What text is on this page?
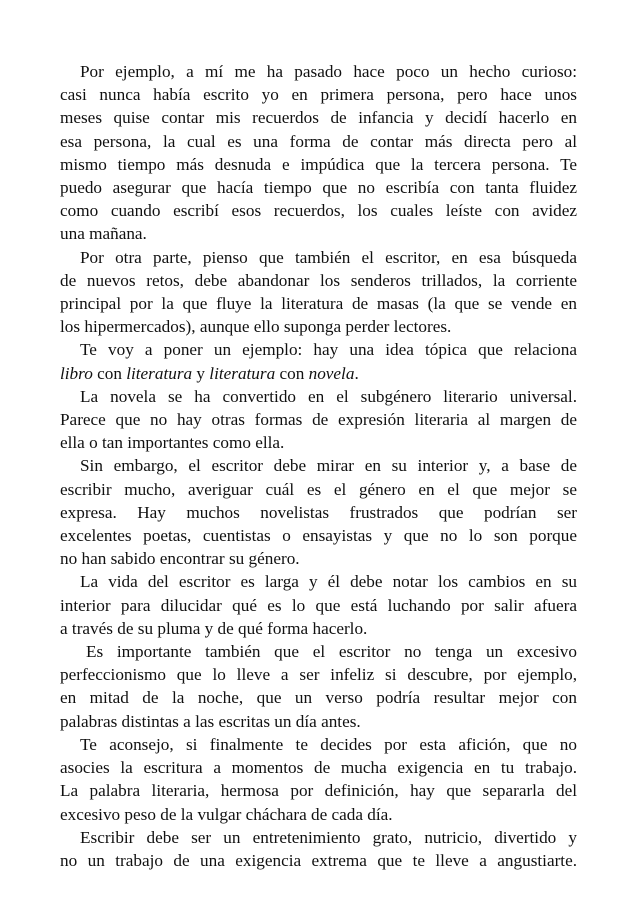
Por ejemplo, a mí me ha pasado hace poco un hecho curioso:
casi nunca había escrito yo en primera persona, pero hace unos
meses quise contar mis recuerdos de infancia y decidí hacerlo en
esa persona, la cual es una forma de contar más directa pero al
mismo tiempo más desnuda e impúdica que la tercera persona. Te
puedo asegurar que hacía tiempo que no escribía con tanta fluidez
como cuando escribí esos recuerdos, los cuales leíste con avidez
una mañana.
Por otra parte, pienso que también el escritor, en esa búsqueda
de nuevos retos, debe abandonar los senderos trillados, la corriente
principal por la que fluye la literatura de masas (la que se vende en
los hipermercados), aunque ello suponga perder lectores.
Te voy a poner un ejemplo: hay una idea tópica que relaciona
libro con literatura y literatura con novela.
La novela se ha convertido en el subgénero literario universal.
Parece que no hay otras formas de expresión literaria al margen de
ella o tan importantes como ella.
Sin embargo, el escritor debe mirar en su interior y, a base de
escribir mucho, averiguar cuál es el género en el que mejor se
expresa. Hay muchos novelistas frustrados que podrían ser
excelentes poetas, cuentistas o ensayistas y que no lo son porque
no han sabido encontrar su género.
La vida del escritor es larga y él debe notar los cambios en su
interior para dilucidar qué es lo que está luchando por salir afuera
a través de su pluma y de qué forma hacerlo.
Es importante también que el escritor no tenga un excesivo
perfeccionismo que lo lleve a ser infeliz si descubre, por ejemplo,
en mitad de la noche, que un verso podría resultar mejor con
palabras distintas a las escritas un día antes.
Te aconsejo, si finalmente te decides por esta afición, que no
asocies la escritura a momentos de mucha exigencia en tu trabajo.
La palabra literaria, hermosa por definición, hay que separarla del
excesivo peso de la vulgar cháchara de cada día.
Escribir debe ser un entretenimiento grato, nutricio, divertido y
no un trabajo de una exigencia extrema que te lleve a angustiarte.
